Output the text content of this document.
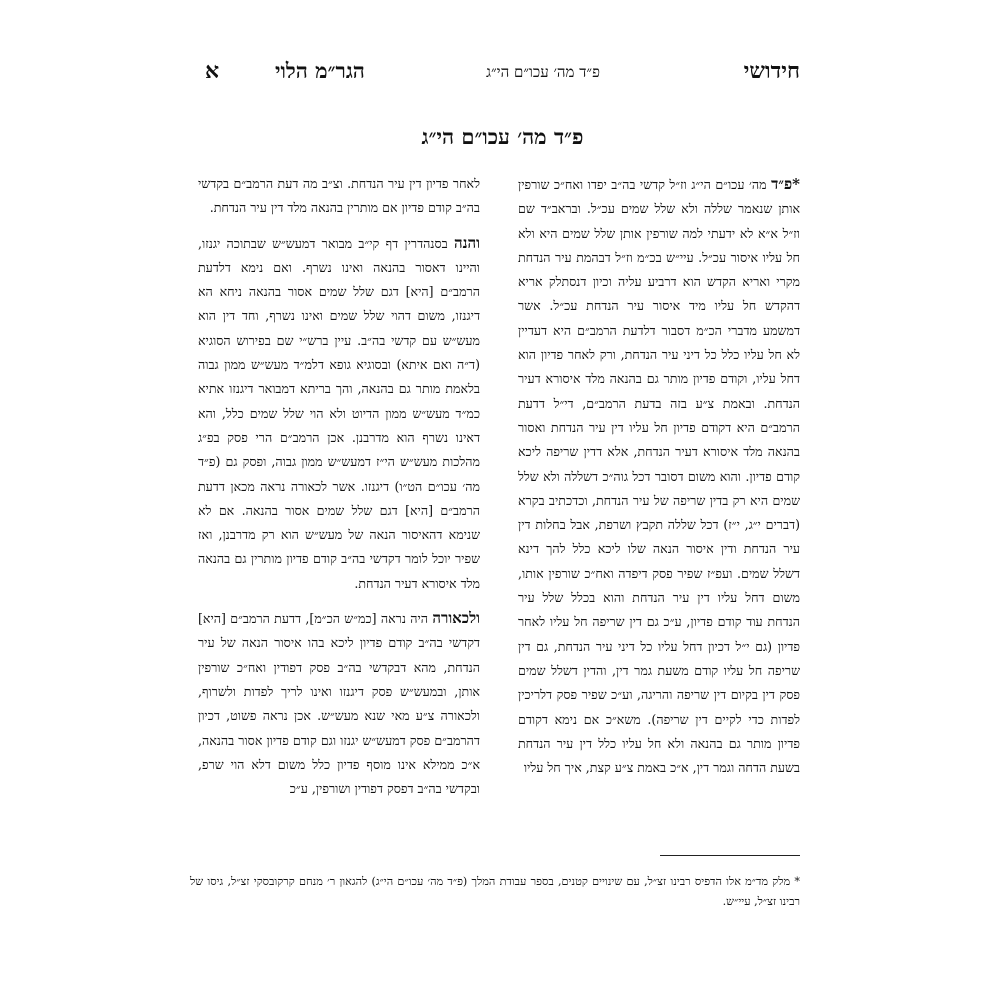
חידושי
פ״ד מה׳ עכו״ם הי״ג
הגר״מ הלוי
א
פ״ד מה׳ עכו״ם הי״ג

*פ״ד מה׳ עכו״ם הי״ג וז״ל קדשי בה״ב יפדו ואח״כ שורפין אותן שנאמר שללה ולא שלל שמים עכ״ל. ובראב״ד שם וז״ל א״א לא ידעתי למה שורפין אותן שלל שמים היא ולא חל עליו איסור עכ״ל. עיי״ש בכ״מ וז״ל דבהמת עיר הנדחת מקרי ואריא הקדש הוא דרביע עליה וכיון דנסתלק אריא דהקדש חל עליו מיד איסור עיר הנדחת עכ״ל. אשר דמשמע מדברי הכ״מ דסבור דלדעת הרמב״ם היא דעדיין לא חל עליו כלל כל דיני עיר הנדחת, ורק לאחר פדיון הוא דחל עליו, וקודם פדיון מותר גם בהנאה מלד איסורא דעיר הנדחת. ובאמת צ״ע בזה בדעת הרמב״ם, די״ל דדעת הרמב״ם היא דקודם פדיון חל עליו דין עיר הנדחת ואסור בהנאה מלד איסורא דעיר הנדחת, אלא דדין שריפה ליכא קודם פדיון. והוא משום דסובר דכל גוה״כ דשללה ולא שלל שמים היא רק בדין שריפה של עיר הנדחת, וכדכתיב בקרא (דברים י״ג, י״ז) דכל שללה תקבץ ושרפת, אבל בחלות דין עיר הנדחת ודין איסור הנאה שלו ליכא כלל להך דינא דשלל שמים. ועפ״ז שפיר פסק דיפדה ואח״כ שורפין אותו, משום דחל עליו דין עיר הנדחת והוא בכלל שלל עיר הנדחת עוד קודם פדיון, ע״כ גם דין שריפה חל עליו לאחר פדיון (גם י״ל דכיון דחל עליו כל דיני עיר הנדחת, גם דין שריפה חל עליו קודם משעת גמר דין, והדין דשלל שמים פסק דין בקיום דין שריפה והריגה, וע״כ שפיר פסק דלריכין לפדות כדי לקיים דין שריפה). משא״כ אם נימא דקודם פדיון מותר גם בהנאה ולא חל עליו כלל דין עיר הנדחת בשעת הדחה וגמר דין, א״כ באמת צ״ע קצת, איך חל עליו

לאחר פדיון דין עיר הנדחת. וצ״ב מה דעת הרמב״ם בקדשי בה״ב קודם פדיון אם מותרין בהנאה מלד דין עיר הנדחת.

והנה בסנהדרין דף קי״ב מבואר דמעש״ש שבתוכה יגנזו, והיינו דאסור בהנאה ואינו נשרף. ואם נימא דלדעת הרמב״ם [היא] דגם שלל שמים אסור בהנאה ניחא הא דיגנזו, משום דהוי שלל שמים ואינו נשרף, וחד דין הוא מעש״ש עם קדשי בה״ב. עיין ברש״י שם בפירוש הסוגיא (ד״ה ואם איתא) ובסוגיא גופא דלמ״ד מעש״ש ממון גבוה בלאמת מותר גם בהנאה, והך בריתא דמבואר דיגנזו אתיא כמ״ד מעש״ש ממון הדיוט ולא הוי שלל שמים כלל, והא דאינו נשרף הוא מדרבנן. אכן הרמב״ם הרי פסק בפ״ג מהלכות מעש״ש הי״ז דמעש״ש ממון גבוה, ופסק גם (פ״ד מה׳ עכו״ם הט״ו) דיגנזו. אשר לכאורה נראה מכאן דדעת הרמב״ם [היא] דגם שלל שמים אסור בהנאה. אם לא שנימא דהאיסור הנאה של מעש״ש הוא רק מדרבנן, ואז שפיר יוכל לומר דקדשי בה״ב קודם פדיון מותרין גם בהנאה מלד איסורא דעיר הנדחת.

ולכאורה היה נראה [כמ״ש הכ״מ], דדעת הרמב״ם [היא] דקדשי בה״ב קודם פדיון ליכא בהו איסור הנאה של עיר הנדחת, מהא דבקדשי בה״ב פסק דפודין ואח״כ שורפין אותן, ובמעש״ש פסק דיגנזו ואינו לריך לפדות ולשרוף, ולכאורה צ״ע מאי שנא מעש״ש. אכן נראה פשוט, דכיון דהרמב״ם פסק דמעש״ש יגנזו וגם קודם פדיון אסור בהנאה, א״כ ממילא אינו מוסף פדיון כלל משום דלא הוי שרפ, ובקדשי בה״ב דפסק דפודין ושורפין, ע״כ

* מלק מד״מ אלו הדפיס רבינו זצ״ל, עם שינויים קטנים, בספר עבודת המלך (פ״ד מה׳ עכו״ם הי״ג) להגאון ר׳ מנחם קרקובסקי זצ״ל, גיסו של רבינו זצ״ל, עיי״ש.
